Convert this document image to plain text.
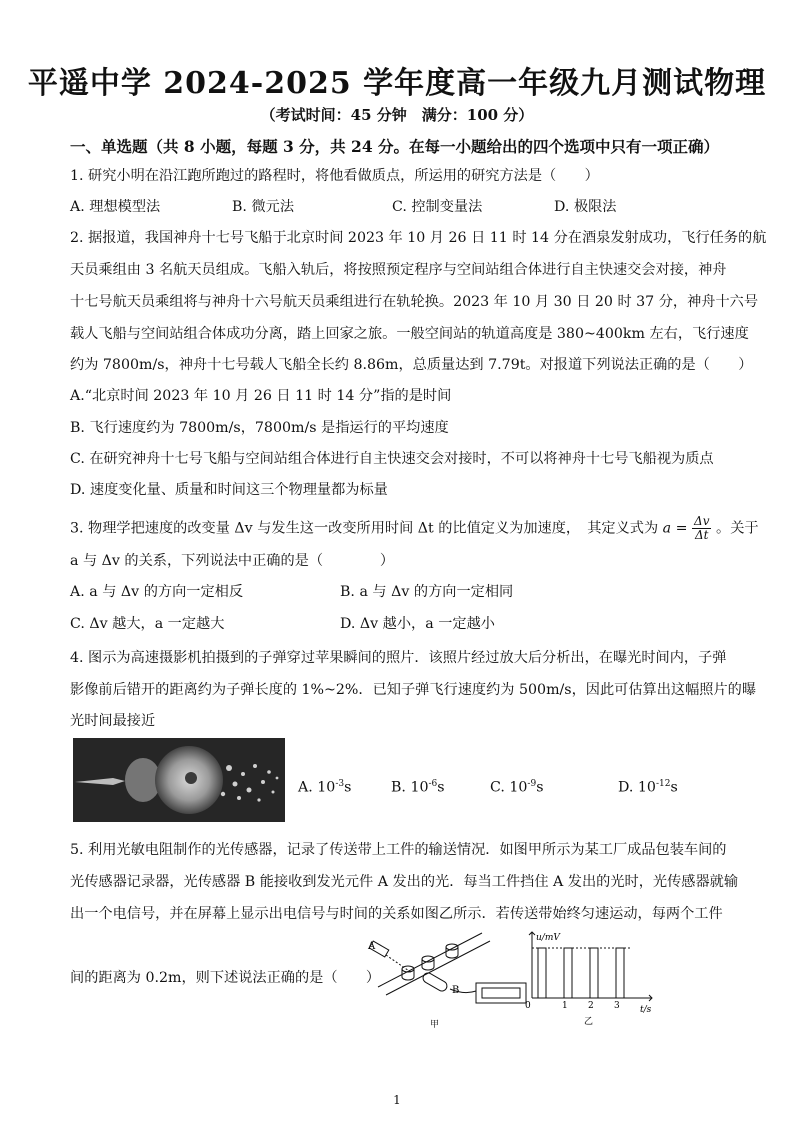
平遥中学 2024-2025 学年度高一年级九月测试物理
（考试时间：45 分钟　满分：100 分）
一、单选题（共 8 小题，每题 3 分，共 24 分。在每一小题给出的四个选项中只有一项正确）
1. 研究小明在沿江跑所跑过的路程时，将他看做质点，所运用的研究方法是（　　）
A. 理想模型法	B. 微元法	C. 控制变量法	D. 极限法
2. 据报道，我国神舟十七号飞船于北京时间 2023 年 10 月 26 日 11 时 14 分在酒泉发射成功，飞行任务的航
天员乘组由 3 名航天员组成。飞船入轨后，将按照预定程序与空间站组合体进行自主快速交会对接，神舟
十七号航天员乘组将与神舟十六号航天员乘组进行在轨轮换。2023 年 10 月 30 日 20 时 37 分，神舟十六号
载人飞船与空间站组合体成功分离，踏上回家之旅。一般空间站的轨道高度是 380~400km 左右，飞行速度
约为 7800m/s，神舟十七号载人飞船全长约 8.86m，总质量达到 7.79t。对报道下列说法正确的是（　　）
A.“北京时间 2023 年 10 月 26 日 11 时 14 分”指的是时间
B. 飞行速度约为 7800m/s，7800m/s 是指运行的平均速度
C. 在研究神舟十七号飞船与空间站组合体进行自主快速交会对接时，不可以将神舟十七号飞船视为质点
D. 速度变化量、质量和时间这三个物理量都为标量
3. 物理学把速度的改变量 Δv 与发生这一改变所用时间 Δt 的比值定义为加速度，　其定义式为 $a = \frac{\Delta v}{\Delta t}$ 。关于
a 与 Δv 的关系，下列说法中正确的是（　　　　）
A. a 与 Δv 的方向一定相反	B. a 与 Δv 的方向一定相同
C. Δv 越大，a 一定越大	D. Δv 越小，a 一定越小
4. 图示为高速摄影机拍摄到的子弹穿过苹果瞬间的照片．该照片经过放大后分析出，在曝光时间内，子弹
影像前后错开的距离约为子弹长度的 1%~2%．已知子弹飞行速度约为 500m/s，因此可估算出这幅照片的曝
光时间最接近
A. $10^{-3}s$	B. $10^{-6}s$	C. $10^{-9}s$	D. $10^{-12}s$
5. 利用光敏电阻制作的光传感器，记录了传送带上工件的输送情况．如图甲所示为某工厂成品包装车间的
光传感器记录器，光传感器 B 能接收到发光元件 A 发出的光．每当工件挡住 A 发出的光时，光传感器就输
出一个电信号，并在屏幕上显示出电信号与时间的关系如图乙所示．若传送带始终匀速运动，每两个工件
间的距离为 0.2m，则下述说法正确的是（　　）
A
B
甲
u/mV
t/s
0	1 2 3
乙
1
